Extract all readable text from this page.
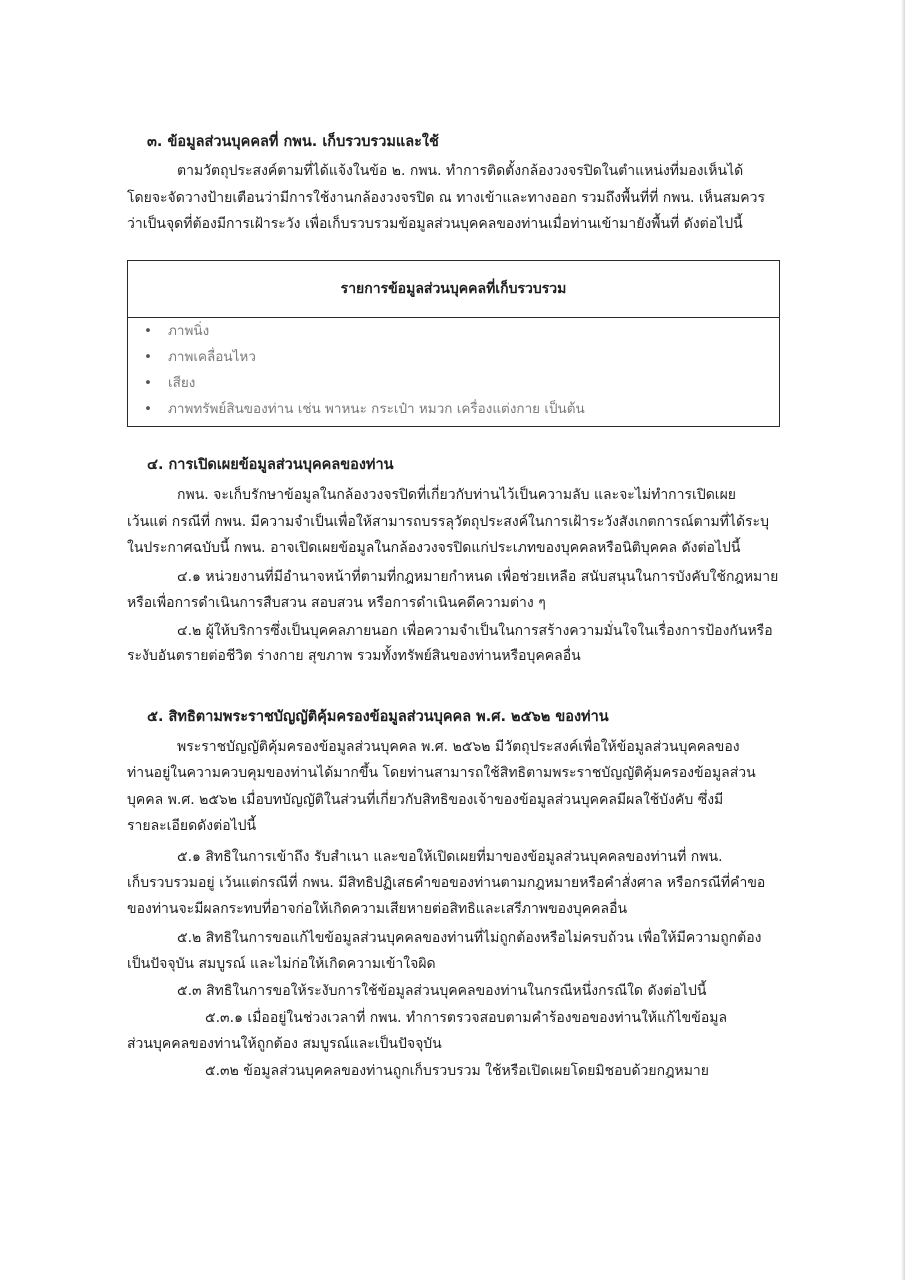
๓. ข้อมูลส่วนบุคคลที่ กพน. เก็บรวบรวมและใช้

ตามวัตถุประสงค์ตามที่ได้แจ้งในข้อ ๒. กพน. ทำการติดตั้งกล้องวงจรปิดในตำแหน่งที่มองเห็นได้

โดยจะจัดวางป้ายเตือนว่ามีการใช้งานกล้องวงจรปิด ณ ทางเข้าและทางออก รวมถึงพื้นที่ที่ กพน. เห็นสมควร

ว่าเป็นจุดที่ต้องมีการเฝ้าระวัง เพื่อเก็บรวบรวมข้อมูลส่วนบุคคลของท่านเมื่อท่านเข้ามายังพื้นที่ ดังต่อไปนี้

รายการข้อมูลส่วนบุคคลที่เก็บรวบรวม
• ภาพนิ่ง
• ภาพเคลื่อนไหว
• เสียง
• ภาพทรัพย์สินของท่าน เช่น พาหนะ กระเป๋า หมวก เครื่องแต่งกาย เป็นต้น

๔. การเปิดเผยข้อมูลส่วนบุคคลของท่าน

กพน. จะเก็บรักษาข้อมูลในกล้องวงจรปิดที่เกี่ยวกับท่านไว้เป็นความลับ และจะไม่ทำการเปิดเผย

เว้นแต่ กรณีที่ กพน. มีความจำเป็นเพื่อให้สามารถบรรลุวัตถุประสงค์ในการเฝ้าระวังสังเกตการณ์ตามที่ได้ระบุ

ในประกาศฉบับนี้ กพน. อาจเปิดเผยข้อมูลในกล้องวงจรปิดแก่ประเภทของบุคคลหรือนิติบุคคล ดังต่อไปนี้

๔.๑ หน่วยงานที่มีอำนาจหน้าที่ตามที่กฎหมายกำหนด เพื่อช่วยเหลือ สนับสนุนในการบังคับใช้กฎหมาย

หรือเพื่อการดำเนินการสืบสวน สอบสวน หรือการดำเนินคดีความต่าง ๆ

๔.๒ ผู้ให้บริการซึ่งเป็นบุคคลภายนอก เพื่อความจำเป็นในการสร้างความมั่นใจในเรื่องการป้องกันหรือ

ระงับอันตรายต่อชีวิต ร่างกาย สุขภาพ รวมทั้งทรัพย์สินของท่านหรือบุคคลอื่น

๕. สิทธิตามพระราชบัญญัติคุ้มครองข้อมูลส่วนบุคคล พ.ศ. ๒๕๖๒ ของท่าน

พระราชบัญญัติคุ้มครองข้อมูลส่วนบุคคล พ.ศ. ๒๕๖๒ มีวัตถุประสงค์เพื่อให้ข้อมูลส่วนบุคคลของ

ท่านอยู่ในความควบคุมของท่านได้มากขึ้น โดยท่านสามารถใช้สิทธิตามพระราชบัญญัติคุ้มครองข้อมูลส่วน

บุคคล พ.ศ. ๒๕๖๒ เมื่อบทบัญญัติในส่วนที่เกี่ยวกับสิทธิของเจ้าของข้อมูลส่วนบุคคลมีผลใช้บังคับ ซึ่งมี

รายละเอียดดังต่อไปนี้

๕.๑ สิทธิในการเข้าถึง รับสำเนา และขอให้เปิดเผยที่มาของข้อมูลส่วนบุคคลของท่านที่ กพน.

เก็บรวบรวมอยู่ เว้นแต่กรณีที่ กพน. มีสิทธิปฏิเสธคำขอของท่านตามกฎหมายหรือคำสั่งศาล หรือกรณีที่คำขอ

ของท่านจะมีผลกระทบที่อาจก่อให้เกิดความเสียหายต่อสิทธิและเสรีภาพของบุคคลอื่น

๕.๒ สิทธิในการขอแก้ไขข้อมูลส่วนบุคคลของท่านที่ไม่ถูกต้องหรือไม่ครบถ้วน เพื่อให้มีความถูกต้อง

เป็นปัจจุบัน สมบูรณ์ และไม่ก่อให้เกิดความเข้าใจผิด

๕.๓ สิทธิในการขอให้ระงับการใช้ข้อมูลส่วนบุคคลของท่านในกรณีหนึ่งกรณีใด ดังต่อไปนี้

๕.๓.๑ เมื่ออยู่ในช่วงเวลาที่ กพน. ทำการตรวจสอบตามคำร้องขอของท่านให้แก้ไขข้อมูล

ส่วนบุคคลของท่านให้ถูกต้อง สมบูรณ์และเป็นปัจจุบัน

๕.๓๒ ข้อมูลส่วนบุคคลของท่านถูกเก็บรวบรวม ใช้หรือเปิดเผยโดยมิชอบด้วยกฎหมาย
